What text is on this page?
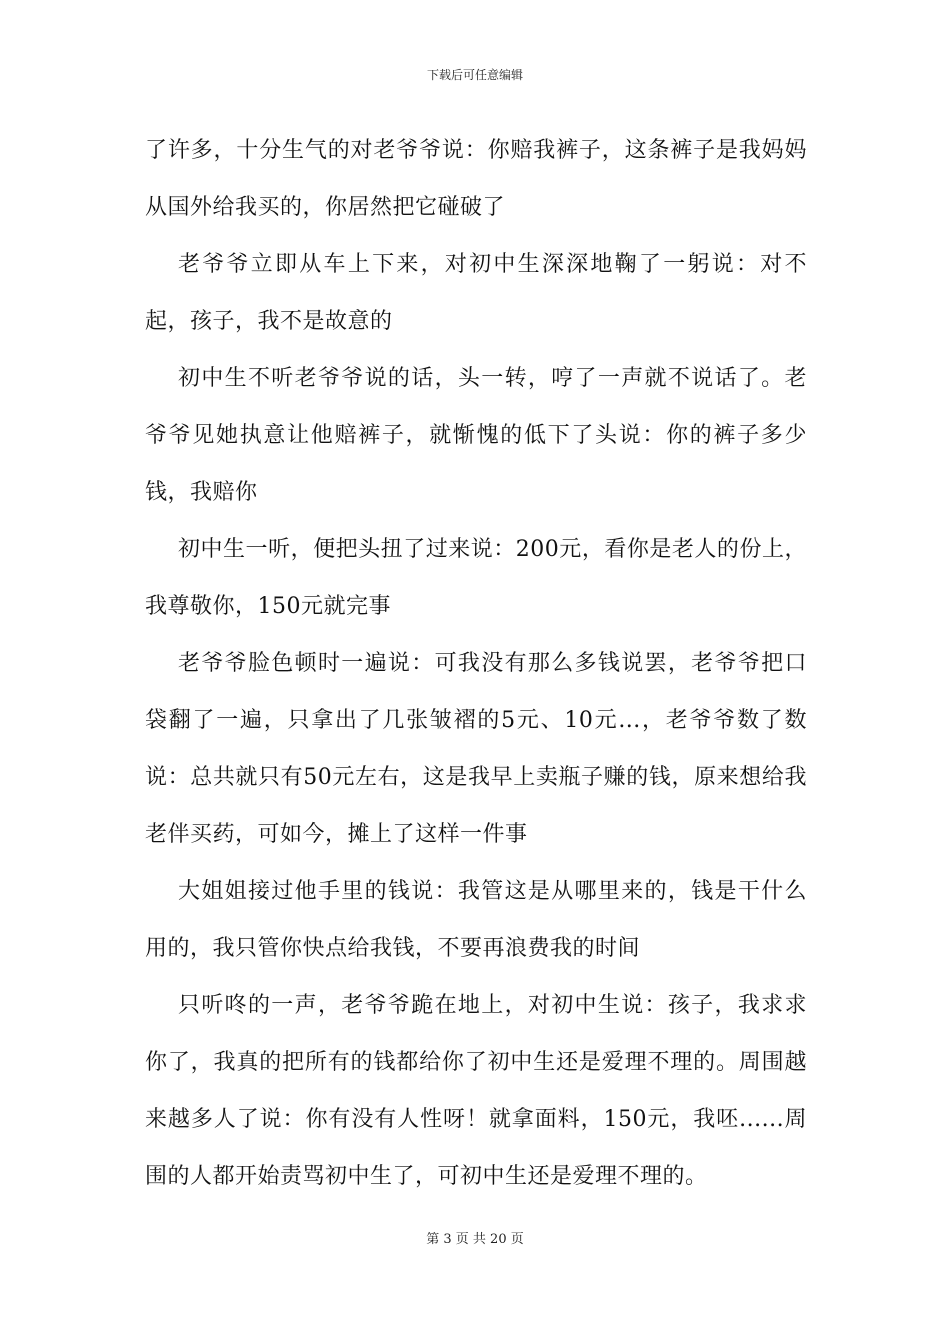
下载后可任意编辑

了许多，十分生气的对老爷爷说：你赔我裤子，这条裤子是我妈妈从国外给我买的，你居然把它碰破了

老爷爷立即从车上下来，对初中生深深地鞠了一躬说：对不起，孩子，我不是故意的

初中生不听老爷爷说的话，头一转，哼了一声就不说话了。老爷爷见她执意让他赔裤子，就惭愧的低下了头说：你的裤子多少钱，我赔你

初中生一听，便把头扭了过来说：200元，看你是老人的份上，我尊敬你，150元就完事

老爷爷脸色顿时一遍说：可我没有那么多钱说罢，老爷爷把口袋翻了一遍，只拿出了几张皱褶的5元、10元...，老爷爷数了数说：总共就只有50元左右，这是我早上卖瓶子赚的钱，原来想给我老伴买药，可如今，摊上了这样一件事

大姐姐接过他手里的钱说：我管这是从哪里来的，钱是干什么用的，我只管你快点给我钱，不要再浪费我的时间

只听咚的一声，老爷爷跪在地上，对初中生说：孩子，我求求你了，我真的把所有的钱都给你了初中生还是爱理不理的。周围越来越多人了说：你有没有人性呀！就拿面料，150元，我呸......周围的人都开始责骂初中生了，可初中生还是爱理不理的。

第 3 页 共 20 页
